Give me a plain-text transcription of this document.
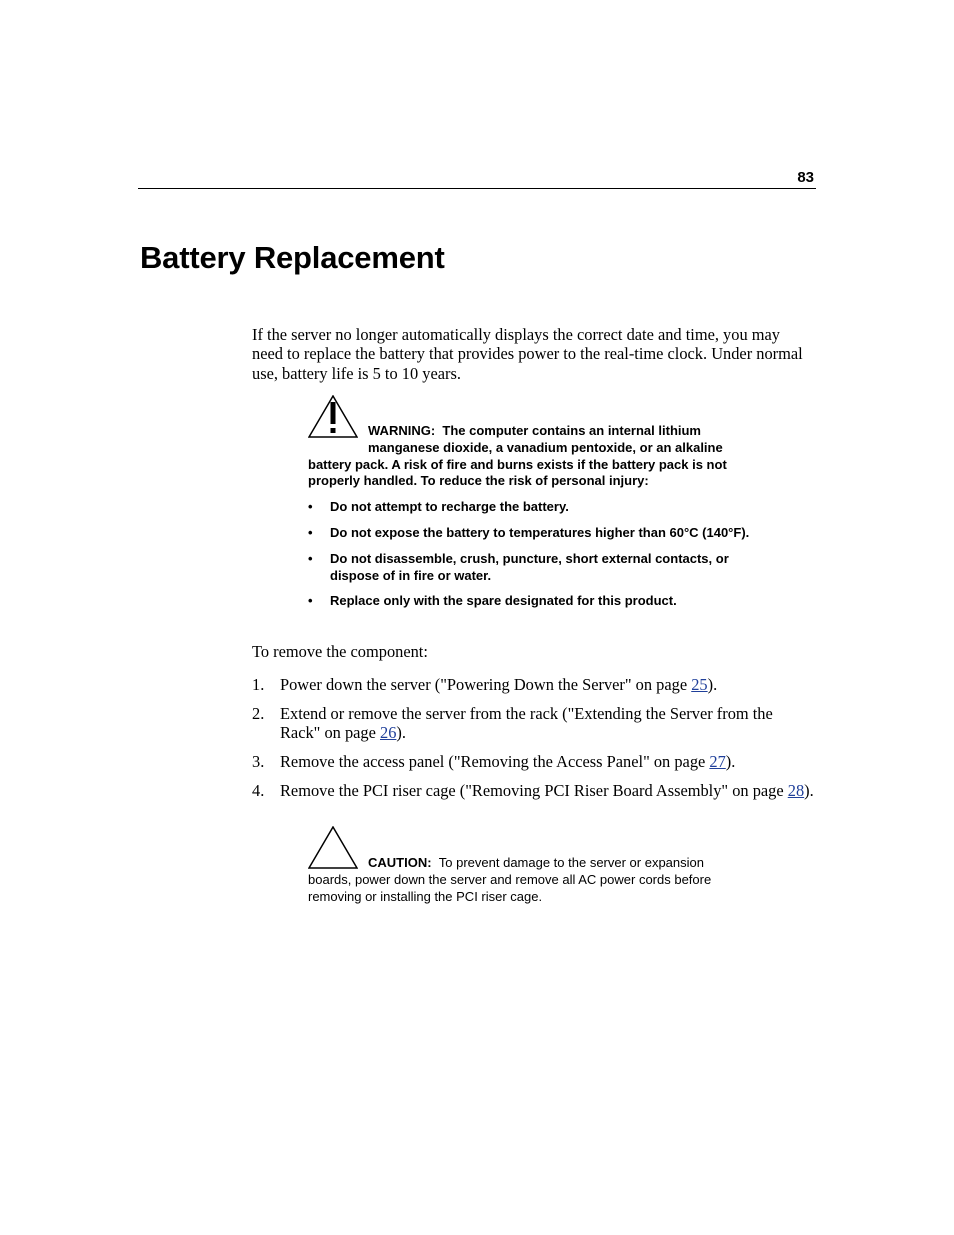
83
Battery Replacement

If the server no longer automatically displays the correct date and time, you may need to replace the battery that provides power to the real-time clock. Under normal use, battery life is 5 to 10 years.

WARNING: The computer contains an internal lithium

manganese dioxide, a vanadium pentoxide, or an alkaline battery pack. A risk of fire and burns exists if the battery pack is not properly handled. To reduce the risk of personal injury:

• Do not attempt to recharge the battery.
• Do not expose the battery to temperatures higher than 60°C (140°F).
• Do not disassemble, crush, puncture, short external contacts, or dispose of in fire or water.
• Replace only with the spare designated for this product.

To remove the component:

1. Power down the server ("Powering Down the Server" on page 25).
2. Extend or remove the server from the rack ("Extending the Server from the Rack" on page 26).
3. Remove the access panel ("Removing the Access Panel" on page 27).
4. Remove the PCI riser cage ("Removing PCI Riser Board Assembly" on page 28).
CAUTION: To prevent damage to the server or expansion

boards, power down the server and remove all AC power cords before removing or installing the PCI riser cage.
